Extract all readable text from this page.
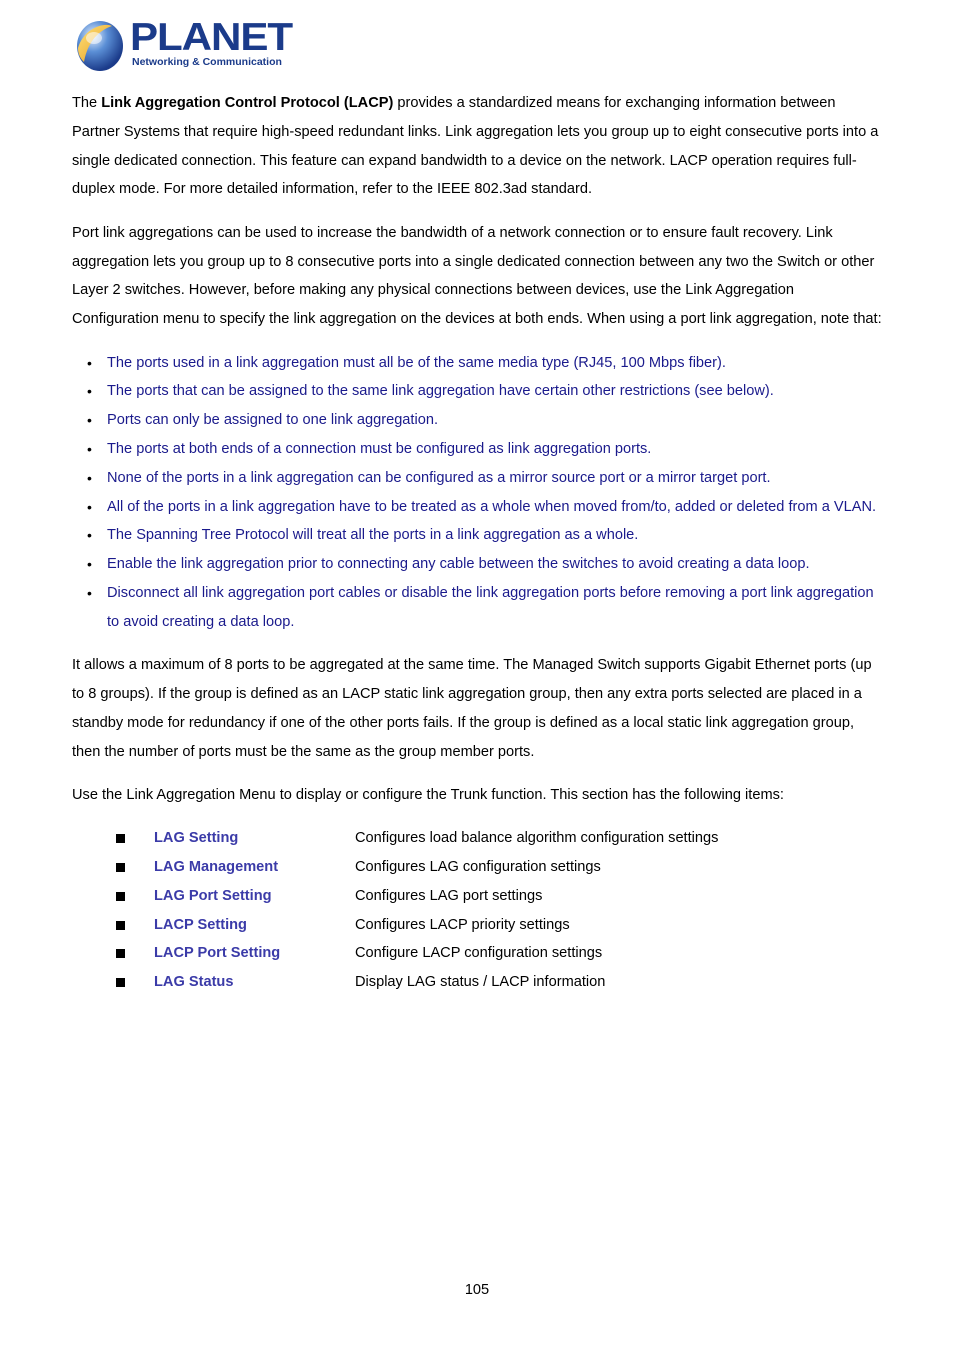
PLANET
Networking & Communication

The Link Aggregation Control Protocol (LACP) provides a standardized means for exchanging information between Partner Systems that require high-speed redundant links. Link aggregation lets you group up to eight consecutive ports into a single dedicated connection. This feature can expand bandwidth to a device on the network. LACP operation requires full-duplex mode. For more detailed information, refer to the IEEE 802.3ad standard.

Port link aggregations can be used to increase the bandwidth of a network connection or to ensure fault recovery. Link aggregation lets you group up to 8 consecutive ports into a single dedicated connection between any two the Switch or other Layer 2 switches. However, before making any physical connections between devices, use the Link Aggregation Configuration menu to specify the link aggregation on the devices at both ends. When using a port link aggregation, note that:

• The ports used in a link aggregation must all be of the same media type (RJ45, 100 Mbps fiber).
• The ports that can be assigned to the same link aggregation have certain other restrictions (see below).
• Ports can only be assigned to one link aggregation.
• The ports at both ends of a connection must be configured as link aggregation ports.
• None of the ports in a link aggregation can be configured as a mirror source port or a mirror target port.
• All of the ports in a link aggregation have to be treated as a whole when moved from/to, added or deleted from a VLAN.
• The Spanning Tree Protocol will treat all the ports in a link aggregation as a whole.
• Enable the link aggregation prior to connecting any cable between the switches to avoid creating a data loop.
• Disconnect all link aggregation port cables or disable the link aggregation ports before removing a port link aggregation to avoid creating a data loop.

It allows a maximum of 8 ports to be aggregated at the same time. The Managed Switch supports Gigabit Ethernet ports (up to 8 groups). If the group is defined as an LACP static link aggregation group, then any extra ports selected are placed in a standby mode for redundancy if one of the other ports fails. If the group is defined as a local static link aggregation group, then the number of ports must be the same as the group member ports.

Use the Link Aggregation Menu to display or configure the Trunk function. This section has the following items:

LAG Setting	Configures load balance algorithm configuration settings
LAG Management	Configures LAG configuration settings
LAG Port Setting	Configures LAG port settings
LACP Setting	Configures LACP priority settings
LACP Port Setting	Configure LACP configuration settings
LAG Status	Display LAG status / LACP information
105
